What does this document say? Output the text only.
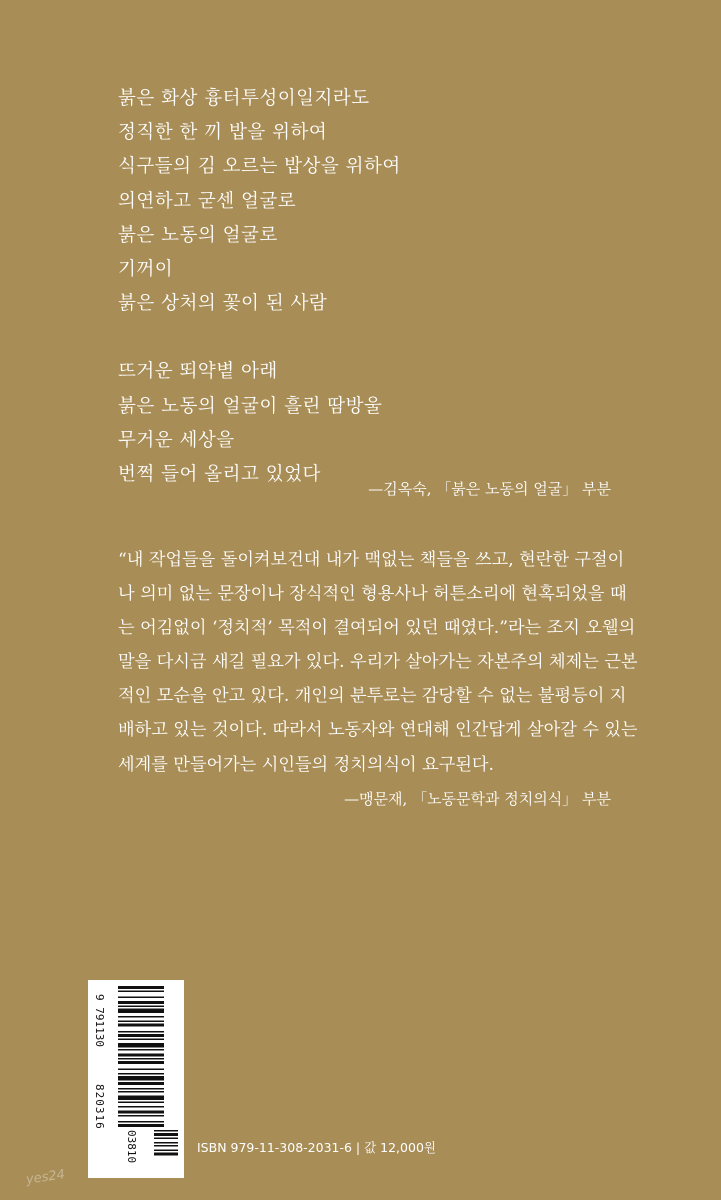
붉은 화상 흉터투성이일지라도
정직한 한 끼 밥을 위하여
식구들의 김 오르는 밥상을 위하여
의연하고 굳센 얼굴로
붉은 노동의 얼굴로
기꺼이
붉은 상처의 꽃이 된 사람
뜨거운 뙤약볕 아래
붉은 노동의 얼굴이 흘린 땀방울
무거운 세상을
번쩍 들어 올리고 있었다
—김옥숙, 「붉은 노동의 얼굴」 부분
“내 작업들을 돌이켜보건대 내가 맥없는 책들을 쓰고, 현란한 구절이
나 의미 없는 문장이나 장식적인 형용사나 허튼소리에 현혹되었을 때
는 어김없이 ‘정치적’ 목적이 결여되어 있던 때였다.”라는 조지 오웰의
말을 다시금 새길 필요가 있다. 우리가 살아가는 자본주의 체제는 근본
적인 모순을 안고 있다. 개인의 분투로는 감당할 수 없는 불평등이 지
배하고 있는 것이다. 따라서 노동자와 연대해 인간답게 살아갈 수 있는
세계를 만들어가는 시인들의 정치의식이 요구된다.
—맹문재, 「노동문학과 정치의식」 부분
9 791130
820316
03810	ISBN 979-11-308-2031-6 | 값 12,000원
yes24
